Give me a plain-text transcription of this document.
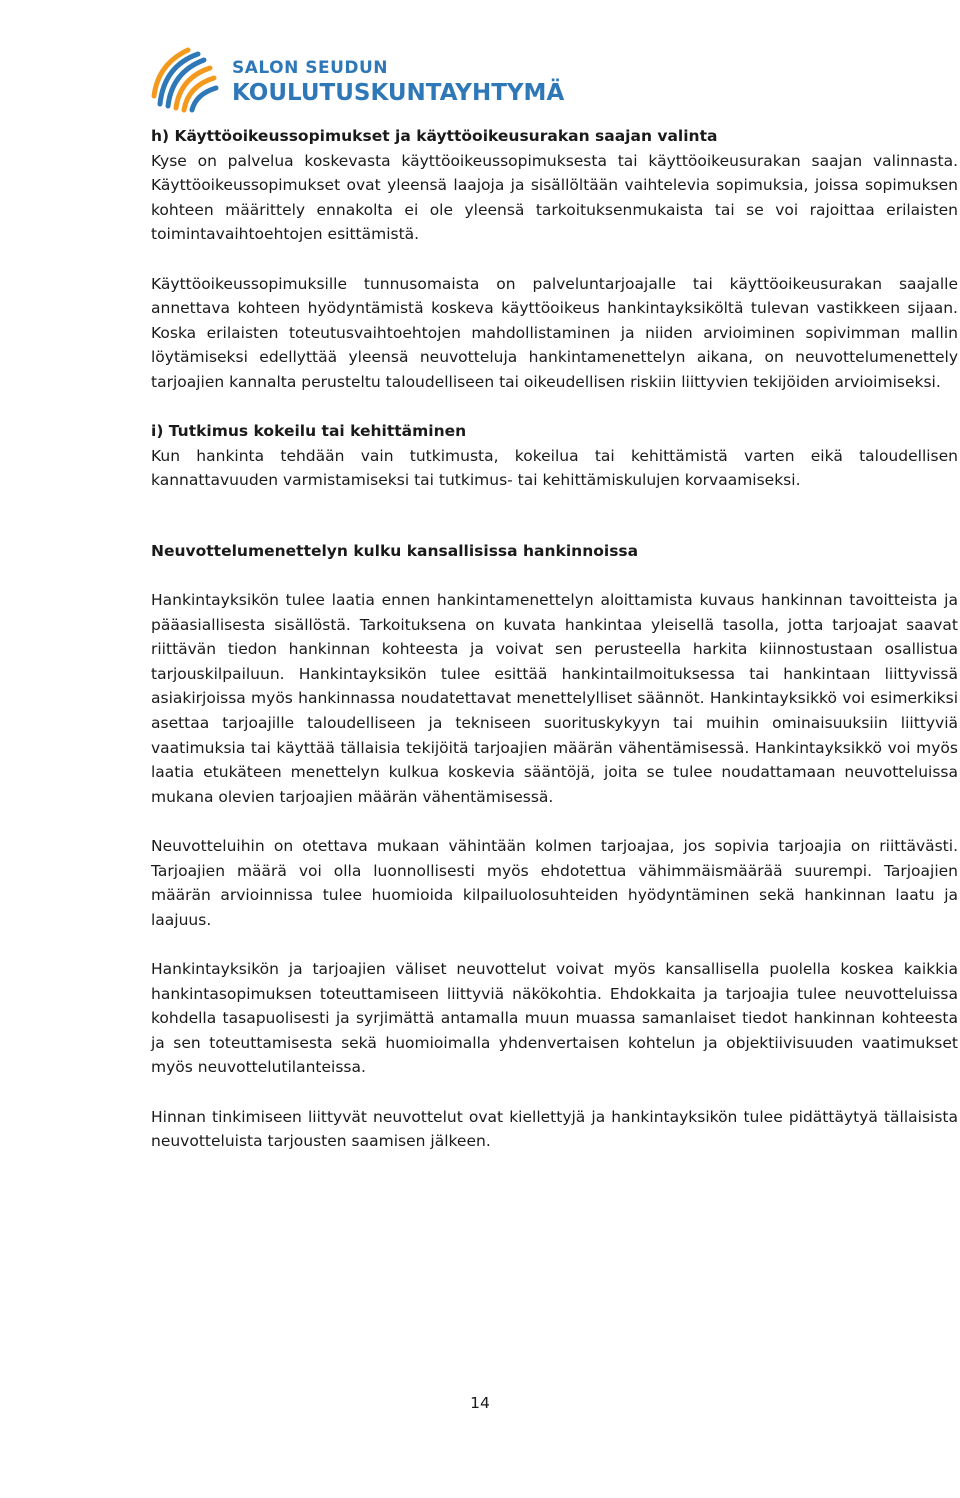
SALON SEUDUN
KOULUTUSKUNTAYHTYMÄ
h) Käyttöoikeussopimukset ja käyttöoikeusurakan saajan valinta

Kyse on palvelua koskevasta käyttöoikeussopimuksesta tai käyttöoikeusurakan saajan valinnasta. Käyttöoikeussopimukset ovat yleensä laajoja ja sisällöltään vaihtelevia sopimuksia, joissa sopimuksen kohteen määrittely ennakolta ei ole yleensä tarkoituksenmukaista tai se voi rajoittaa erilaisten toimintavaihtoehtojen esittämistä.

Käyttöoikeussopimuksille tunnusomaista on palveluntarjoajalle tai käyttöoikeusurakan saajalle annettava kohteen hyödyntämistä koskeva käyttöoikeus hankintayksiköltä tulevan vastikkeen sijaan. Koska erilaisten toteutusvaihtoehtojen mahdollistaminen ja niiden arvioiminen sopivimman mallin löytämiseksi edellyttää yleensä neuvotteluja hankintamenettelyn aikana, on neuvottelumenettely tarjoajien kannalta perusteltu taloudelliseen tai oikeudellisen riskiin liittyvien tekijöiden arvioimiseksi.

i) Tutkimus kokeilu tai kehittäminen

Kun hankinta tehdään vain tutkimusta, kokeilua tai kehittämistä varten eikä taloudellisen kannattavuuden varmistamiseksi tai tutkimus- tai kehittämiskulujen korvaamiseksi.

Neuvottelumenettelyn kulku kansallisissa hankinnoissa

Hankintayksikön tulee laatia ennen hankintamenettelyn aloittamista kuvaus hankinnan tavoitteista ja pääasiallisesta sisällöstä. Tarkoituksena on kuvata hankintaa yleisellä tasolla, jotta tarjoajat saavat riittävän tiedon hankinnan kohteesta ja voivat sen perusteella harkita kiinnostustaan osallistua tarjouskilpailuun. Hankintayksikön tulee esittää hankintailmoituksessa tai hankintaan liittyvissä asiakirjoissa myös hankinnassa noudatettavat menettelylliset säännöt. Hankintayksikkö voi esimerkiksi asettaa tarjoajille taloudelliseen ja tekniseen suorituskykyyn tai muihin ominaisuuksiin liittyviä vaatimuksia tai käyttää tällaisia tekijöitä tarjoajien määrän vähentämisessä. Hankintayksikkö voi myös laatia etukäteen menettelyn kulkua koskevia sääntöjä, joita se tulee noudattamaan neuvotteluissa mukana olevien tarjoajien määrän vähentämisessä.

Neuvotteluihin on otettava mukaan vähintään kolmen tarjoajaa, jos sopivia tarjoajia on riittävästi. Tarjoajien määrä voi olla luonnollisesti myös ehdotettua vähimmäismäärää suurempi. Tarjoajien määrän arvioinnissa tulee huomioida kilpailuolosuhteiden hyödyntäminen sekä hankinnan laatu ja laajuus.

Hankintayksikön ja tarjoajien väliset neuvottelut voivat myös kansallisella puolella koskea kaikkia hankintasopimuksen toteuttamiseen liittyviä näkökohtia. Ehdokkaita ja tarjoajia tulee neuvotteluissa kohdella tasapuolisesti ja syrjimättä antamalla muun muassa samanlaiset tiedot hankinnan kohteesta ja sen toteuttamisesta sekä huomioimalla yhdenvertaisen kohtelun ja objektiivisuuden vaatimukset myös neuvottelutilanteissa.

Hinnan tinkimiseen liittyvät neuvottelut ovat kiellettyjä ja hankintayksikön tulee pidättäytyä tällaisista neuvotteluista tarjousten saamisen jälkeen.

14
